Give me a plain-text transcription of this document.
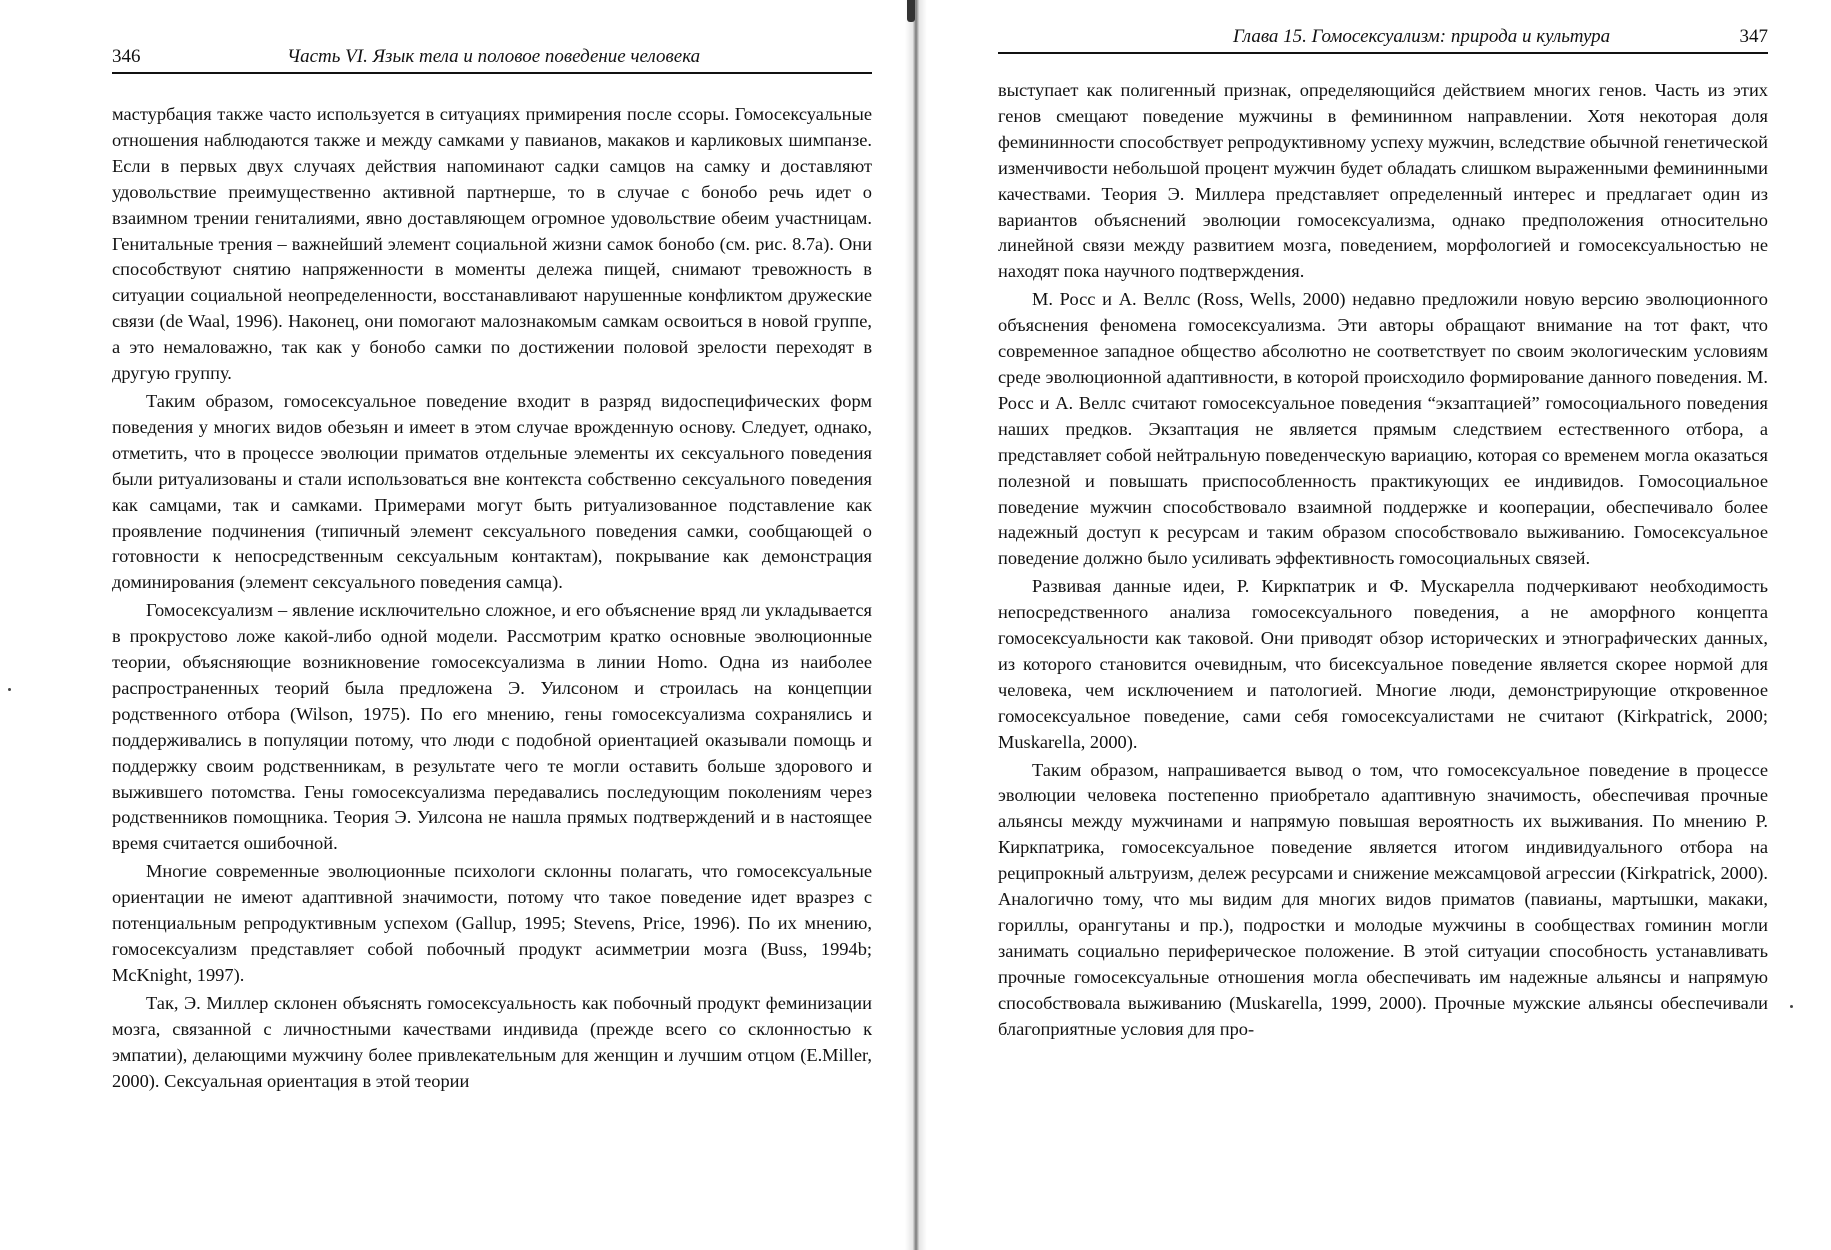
346	Часть VI. Язык тела и половое поведение человека

мастурбация также часто используется в ситуациях примирения после ссоры. Гомосексуальные отношения наблюдаются также и между самками у павианов, макаков и карликовых шимпанзе. Если в первых двух случаях действия напоминают садки самцов на самку и доставляют удовольствие преимущественно активной партнерше, то в случае с бонобо речь идет о взаимном трении гениталиями, явно доставляющем огромное удовольствие обеим участницам. Генитальные трения – важнейший элемент социальной жизни самок бонобо (см. рис. 8.7а). Они способствуют снятию напряженности в моменты дележа пищей, снимают тревожность в ситуации социальной неопределенности, восстанавливают нарушенные конфликтом дружеские связи (de Waal, 1996). Наконец, они помогают малознакомым самкам освоиться в новой группе, а это немаловажно, так как у бонобо самки по достижении половой зрелости переходят в другую группу.

Таким образом, гомосексуальное поведение входит в разряд видоспецифических форм поведения у многих видов обезьян и имеет в этом случае врожденную основу. Следует, однако, отметить, что в процессе эволюции приматов отдельные элементы их сексуального поведения были ритуализованы и стали использоваться вне контекста собственно сексуального поведения как самцами, так и самками. Примерами могут быть ритуализованное подставление как проявление подчинения (типичный элемент сексуального поведения самки, сообщающей о готовности к непосредственным сексуальным контактам), покрывание как демонстрация доминирования (элемент сексуального поведения самца).

Гомосексуализм – явление исключительно сложное, и его объяснение вряд ли укладывается в прокрустово ложе какой-либо одной модели. Рассмотрим кратко основные эволюционные теории, объясняющие возникновение гомосексуализма в линии Homo. Одна из наиболее распространенных теорий была предложена Э. Уилсоном и строилась на концепции родственного отбора (Wilson, 1975). По его мнению, гены гомосексуализма сохранялись и поддерживались в популяции потому, что люди с подобной ориентацией оказывали помощь и поддержку своим родственникам, в результате чего те могли оставить больше здорового и выжившего потомства. Гены гомосексуализма передавались последующим поколениям через родственников помощника. Теория Э. Уилсона не нашла прямых подтверждений и в настоящее время считается ошибочной.

Многие современные эволюционные психологи склонны полагать, что гомосексуальные ориентации не имеют адаптивной значимости, потому что такое поведение идет вразрез с потенциальным репродуктивным успехом (Gallup, 1995; Stevens, Price, 1996). По их мнению, гомосексуализм представляет собой побочный продукт асимметрии мозга (Buss, 1994b; McKnight, 1997).

Так, Э. Миллер склонен объяснять гомосексуальность как побочный продукт феминизации мозга, связанной с личностными качествами индивида (прежде всего со склонностью к эмпатии), делающими мужчину более привлекательным для женщин и лучшим отцом (E.Miller, 2000). Сексуальная ориентация в этой теории

Глава 15. Гомосексуализм: природа и культура	347

выступает как полигенный признак, определяющийся действием многих генов. Часть из этих генов смещают поведение мужчины в фемининном направлении. Хотя некоторая доля фемининности способствует репродуктивному успеху мужчин, вследствие обычной генетической изменчивости небольшой процент мужчин будет обладать слишком выраженными фемининными качествами. Теория Э. Миллера представляет определенный интерес и предлагает один из вариантов объяснений эволюции гомосексуализма, однако предположения относительно линейной связи между развитием мозга, поведением, морфологией и гомосексуальностью не находят пока научного подтверждения.

М. Росс и А. Веллс (Ross, Wells, 2000) недавно предложили новую версию эволюционного объяснения феномена гомосексуализма. Эти авторы обращают внимание на тот факт, что современное западное общество абсолютно не соответствует по своим экологическим условиям среде эволюционной адаптивности, в которой происходило формирование данного поведения. М. Росс и А. Веллс считают гомосексуальное поведения “экзаптацией” гомосоциального поведения наших предков. Экзаптация не является прямым следствием естественного отбора, а представляет собой нейтральную поведенческую вариацию, которая со временем могла оказаться полезной и повышать приспособленность практикующих ее индивидов. Гомосоциальное поведение мужчин способствовало взаимной поддержке и кооперации, обеспечивало более надежный доступ к ресурсам и таким образом способствовало выживанию. Гомосексуальное поведение должно было усиливать эффективность гомосоциальных связей.

Развивая данные идеи, Р. Киркпатрик и Ф. Мускарелла подчеркивают необходимость непосредственного анализа гомосексуального поведения, а не аморфного концепта гомосексуальности как таковой. Они приводят обзор исторических и этнографических данных, из которого становится очевидным, что бисексуальное поведение является скорее нормой для человека, чем исключением и патологией. Многие люди, демонстрирующие откровенное гомосексуальное поведение, сами себя гомосексуалистами не считают (Kirkpatrick, 2000; Muskarella, 2000).

Таким образом, напрашивается вывод о том, что гомосексуальное поведение в процессе эволюции человека постепенно приобретало адаптивную значимость, обеспечивая прочные альянсы между мужчинами и напрямую повышая вероятность их выживания. По мнению Р. Киркпатрика, гомосексуальное поведение является итогом индивидуального отбора на реципрокный альтруизм, дележ ресурсами и снижение межсамцовой агрессии (Kirkpatrick, 2000). Аналогично тому, что мы видим для многих видов приматов (павианы, мартышки, макаки, гориллы, орангутаны и пр.), подростки и молодые мужчины в сообществах гоминин могли занимать социально периферическое положение. В этой ситуации способность устанавливать прочные гомосексуальные отношения могла обеспечивать им надежные альянсы и напрямую способствовала выживанию (Muskarella, 1999, 2000). Прочные мужские альянсы обеспечивали благоприятные условия для про-
